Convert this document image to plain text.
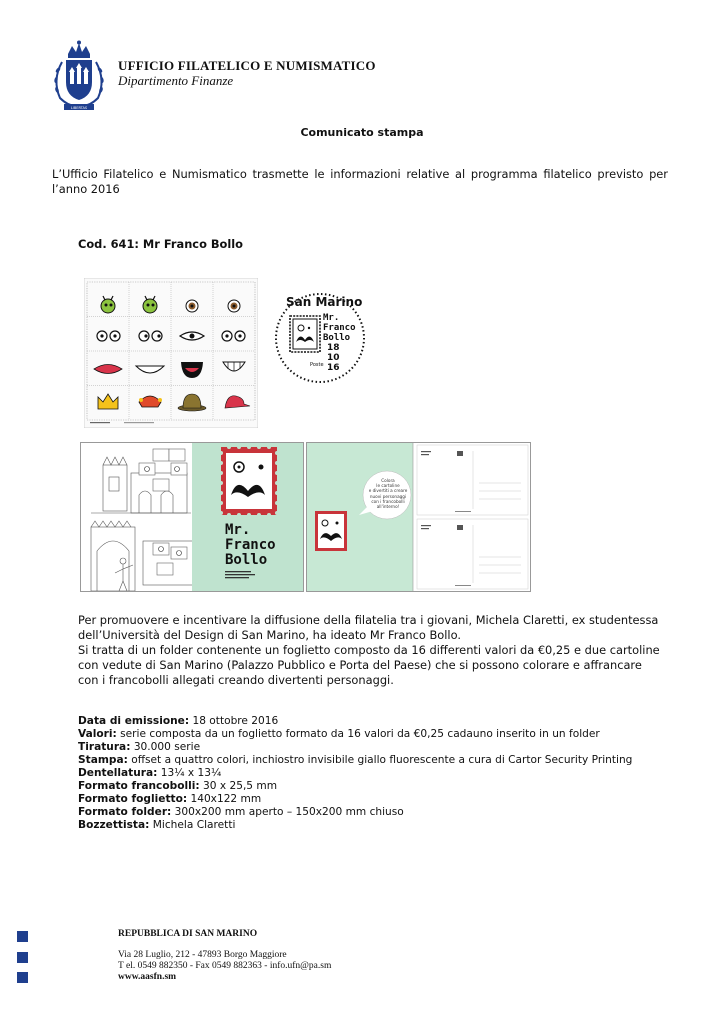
LIBERTAS
UFFICIO FILATELICO E NUMISMATICO
Dipartimento Finanze
Comunicato stampa
L’Ufficio Filatelico e Numismatico trasmette le informazioni relative al programma filatelico previsto per l’anno 2016
Cod. 641: Mr Franco Bollo
San Marino
Mr.
Franco
Bollo
18
10
16
Poste
Mr.
Franco
Bollo
Colora
le cartoline
e divertiti a creare
nuovi personaggi
con i francobolli
all'interno!
Per promuovere e incentivare la diffusione della filatelia tra i giovani, Michela Claretti, ex studentessa
dell’Università del Design di San Marino, ha ideato Mr Franco Bollo.
Si tratta di un folder contenente un foglietto composto da 16 differenti valori da €0,25 e due cartoline
con vedute di San Marino (Palazzo Pubblico e Porta del Paese) che si possono colorare e affrancare
con i francobolli allegati creando divertenti personaggi.
Data di emissione: 18 ottobre 2016
Valori: serie composta da un foglietto formato da 16 valori da €0,25 cadauno inserito in un folder
Tiratura: 30.000 serie
Stampa: offset a quattro colori, inchiostro invisibile giallo fluorescente a cura di Cartor Security Printing
Dentellatura: 13¼ x 13¼
Formato francobolli: 30 x 25,5 mm
Formato foglietto: 140x122 mm
Formato folder: 300x200 mm aperto – 150x200 mm chiuso
Bozzettista: Michela Claretti
REPUBBLICA DI SAN MARINO
Via 28 Luglio, 212 - 47893 Borgo Maggiore
T el. 0549 882350 - Fax 0549 882363 - info.ufn@pa.sm
www.aasfn.sm
